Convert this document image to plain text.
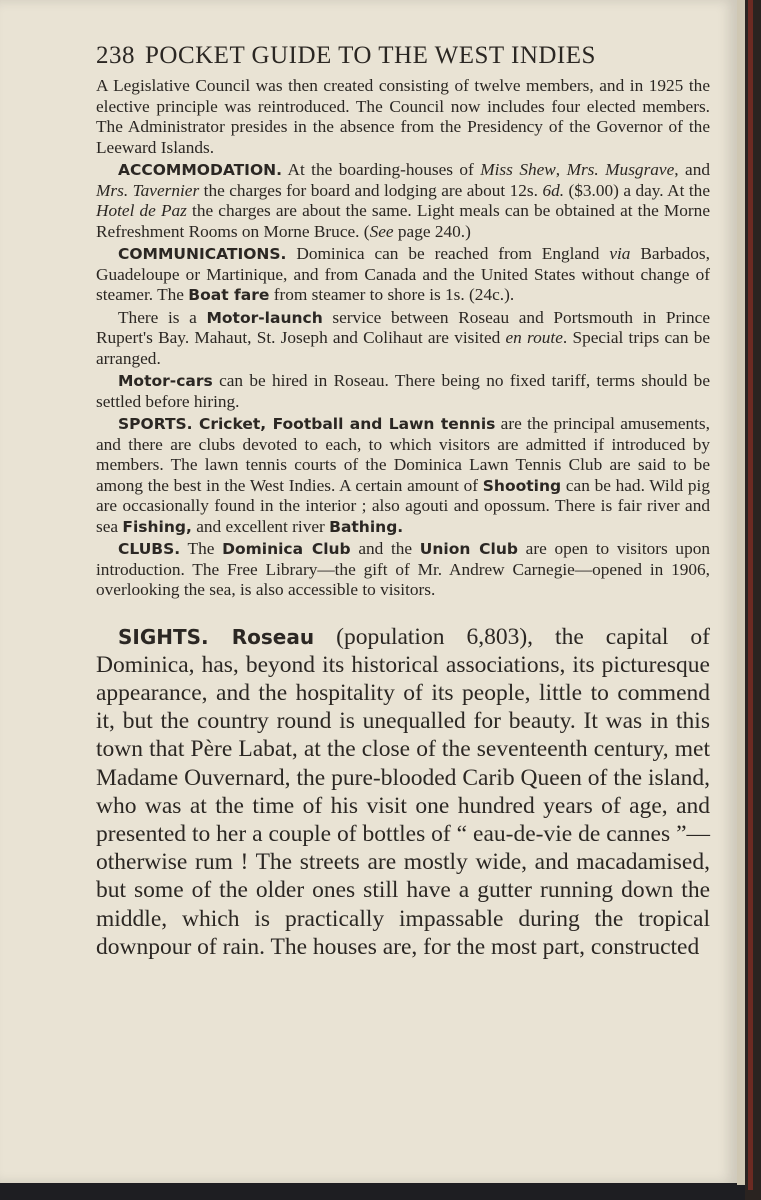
238 POCKET GUIDE TO THE WEST INDIES

A Legislative Council was then created consisting of twelve members, and in 1925 the elective principle was reintroduced. The Council now includes four elected members. The Administrator presides in the absence from the Presidency of the Governor of the Leeward Islands.

ACCOMMODATION. At the boarding-houses of Miss Shew, Mrs. Musgrave, and Mrs. Tavernier the charges for board and lodging are about 12s. 6d. ($3.00) a day. At the Hotel de Paz the charges are about the same. Light meals can be obtained at the Morne Refreshment Rooms on Morne Bruce. (See page 240.)

COMMUNICATIONS. Dominica can be reached from England via Barbados, Guadeloupe or Martinique, and from Canada and the United States without change of steamer. The Boat fare from steamer to shore is 1s. (24c.).

There is a Motor-launch service between Roseau and Portsmouth in Prince Rupert's Bay. Mahaut, St. Joseph and Colihaut are visited en route. Special trips can be arranged.

Motor-cars can be hired in Roseau. There being no fixed tariff, terms should be settled before hiring.

SPORTS. Cricket, Football and Lawn tennis are the principal amusements, and there are clubs devoted to each, to which visitors are admitted if introduced by members. The lawn tennis courts of the Dominica Lawn Tennis Club are said to be among the best in the West Indies. A certain amount of Shooting can be had. Wild pig are occasionally found in the interior ; also agouti and opossum. There is fair river and sea Fishing, and excellent river Bathing.

CLUBS. The Dominica Club and the Union Club are open to visitors upon introduction. The Free Library—the gift of Mr. Andrew Carnegie—opened in 1906, overlooking the sea, is also accessible to visitors.

SIGHTS. Roseau (population 6,803), the capital of Dominica, has, beyond its historical associations, its picturesque appearance, and the hospitality of its people, little to commend it, but the country round is unequalled for beauty. It was in this town that Père Labat, at the close of the seventeenth century, met Madame Ouvernard, the pure-blooded Carib Queen of the island, who was at the time of his visit one hundred years of age, and presented to her a couple of bottles of “ eau-de-vie de cannes ”—otherwise rum ! The streets are mostly wide, and macadamised, but some of the older ones still have a gutter running down the middle, which is practically impassable during the tropical downpour of rain. The houses are, for the most part, constructed
